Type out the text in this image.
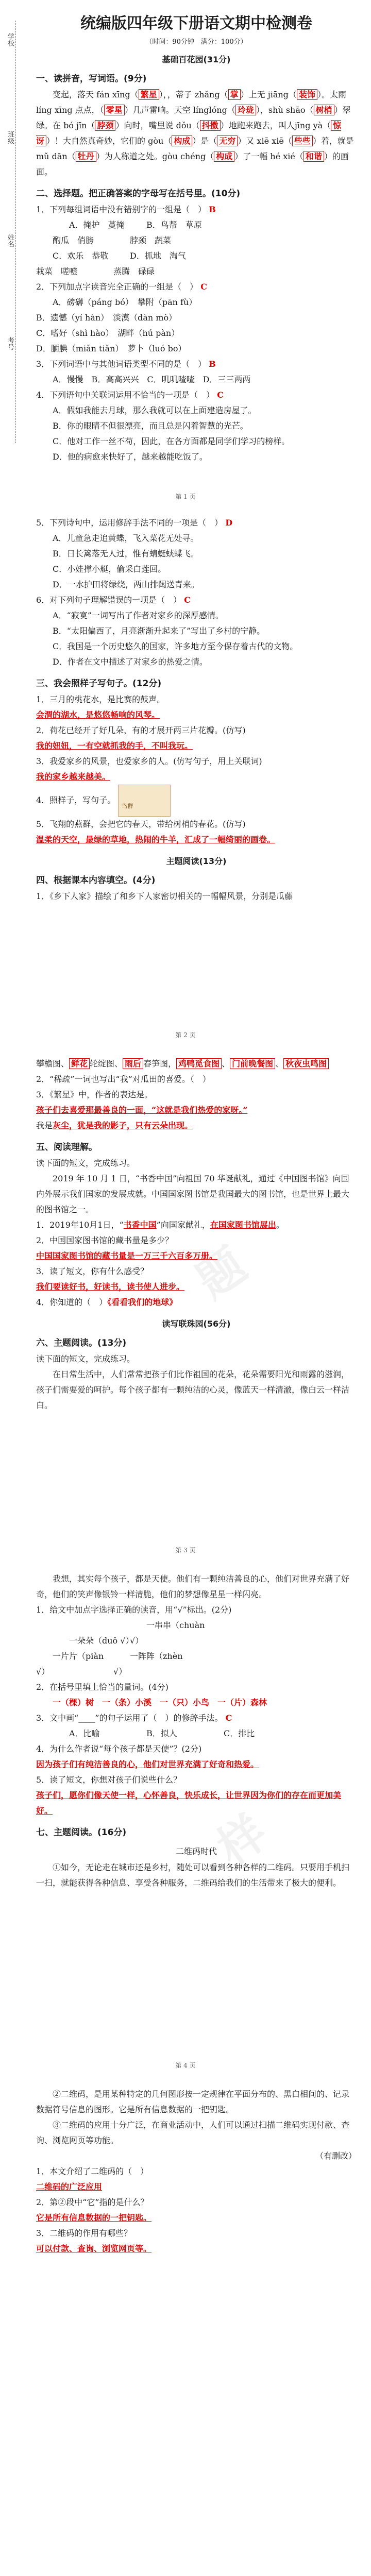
学校
班级
姓名
考号
统编版四年级下册语文期中检测卷
（时间：90分钟　满分：100分）
基础百花园(31分)
一、读拼音，写词语。(9分)

变起，落天 fán xīng（ 繁星 ），，蒂子 zhǎng（ 掌 ）上无 jiāng（ 装饰 ）。太雨 líng xīng 点点，（ 零星 ）几声雷响。天空 línglóng（ 玲珑 ），shù shāo（ 树梢 ）翠绿。在 bó jīn（ 脖颈 ）向时，嘴里说 dǒu（ 抖擞 ）地跑来跑去，叫人jīng yà（ 惊讶 ）！大自然真奇妙，它们的 gòu（ 构成 ）是（ 无穷 ）又 xiē xiē（ 些些 ）着，就是 mǔ dān（ 牡丹 ）为人称道之处。gòu chéng（ 构成 ）了一幅 hé xié（ 和谐 ）的画面。

二、选择题。把正确答案的字母写在括号里。(10分)

1．下列每组词语中没有错别字的一组是（　） B

A．掩护　蔓掩　酌瓜　俏膀B．鸟帮　草原　脖颈　蔬菜
C．欢乐　恭敬　栽菜　嗟嘘D．抓地　淘气　蒸腾　碌碌

2．下列加点字读音完全正确的一组是（　） C

A．磅礴（páng bó）　攀附（pān fù）
B．遗憾（yí hàn）　淡漠（dàn mò）
C．嗜好（shì hào）　湖畔（hú pàn）
D．腼腆（miǎn tiǎn）　萝卜（luó bo）

3．下列词语中与其他词语类型不同的是（　） B

A．慢慢　B．高高兴兴　 C．叽叽喳喳　D．三三两两

4．下列语句中关联词运用不恰当的一项是（　） C

A．假如我能去月球，那么我就可以在上面建造房屋了。

B．你的眼睛不但很漂亮，而且总是闪着智慧的光芒。

C．他对工作一丝不苟，因此，在各方面都是同学们学习的榜样。

D．他的病愈来快好了，越来越能吃饭了。

第 1 页

5．下列诗句中，运用修辞手法不同的一项是（　） D

A．儿童急走追黄蝶，飞入菜花无处寻。

B．日长篱落无人过，惟有蜻蜓蛱蝶飞。

C．小娃撑小艇，偷采白莲回。

D．一水护田将绿绕，两山排闼送青来。

6．对下列句子理解错误的一项是（　） C

A．“寂寞”一词写出了作者对家乡的深厚感情。

B．“太阳偏西了，月亮渐渐升起来了”写出了乡村的宁静。

C．我国是一个历史悠久的国家，许多地方至今保存着古代的文物。

D．作者在文中描述了对家乡的热爱之情。

三、我会照样子写句子。(12分)

1．三月的桃花水，是比赛的鼓声。

会渭的湖水，是悠悠畅响的风琴。

2．荷花已经开了好几朵，有的才展开两三片花瓣。(仿写)

我的妞妞，一有空就抓我的手，不叫我玩。

3．我爱家乡的风景，也爱家乡的人。(仿写句子，用上关联词)

我的家乡越来越美。

4．照样子，写句子。
鸟群

5．飞翔的燕群，会把它的春天，带给树梢的春花。(仿写)

温柔的天空，最绿的草地，热闹的牛羊，汇成了一幅绮丽的画卷。

主题阅读(13分)
四、根据课本内容填空。(4分)

1．《乡下人家》描绘了和乡下人家密切相关的一幅幅风景，分别是瓜藤

第 2 页

攀檐图、 鲜花 轮绽图、 雨后 春笋图， 鸡鸭觅食图 、 门前晚餐图 、 秋夜虫鸣图

2．“稀疏”一词也写出“我”对瓜田的喜爱。（　）

3．《繁星》中，作者的表达是。

孩子们去喜爱那最善良的一面，“这就是我们热爱的家呀。”

我是灰尘，犹是我的影子，只有云朵出现。

五、阅读理解。

读下面的短文，完成练习。

2019 年 10 月 1 日，“书香中国”向祖国 70 华诞献礼，通过《中国图书馆》向国内外展示我们国家的发展成就。中国国家图书馆是我国最大的图书馆，也是世界上最大的图书馆之一。

1．2019年10月1日，“书香中国”向国家献礼，在国家图书馆展出。

2．中国国家图书馆的藏书量是多少？

中国国家图书馆的藏书量是一万三千六百多万册。

3．读了短文，你有什么感受？

我们要读好书，好读书，读书使人进步。

4．你知道的（　）《看看我们的地球》

读写联珠园(56分)
六、主题阅读。(13分)

读下面的短文，完成练习。

在日常生活中，人们常常把孩子们比作祖国的花朵，花朵需要阳光和雨露的滋润，孩子们需要爱的呵护。每个孩子都有一颗纯洁的心灵，像蓝天一样清澈，像白云一样洁白。

第 3 页

我想，其实每个孩子，都是天使。他们有一颗纯洁善良的心，他们对世界充满了好奇，他们的笑声像银铃一样清脆，他们的梦想像星星一样闪亮。

1．给文中加点字选择正确的读音，用“√”标出。(2分)

一朵朵（duǒ √）一串串（chuàn √）
一片片（piàn √）一阵阵（zhèn √）

2．在括号里填上恰当的量词。(4分)

一（棵）树　一（条）小溪　一（只）小鸟　一（片）森林

3．文中画“____”的句子运用了（　）的修辞手法。 C

A．比喻	B．拟人	C．排比

4．为什么作者说“每个孩子都是天使”？(2分)

因为孩子们有纯洁善良的心，他们对世界充满了好奇和热爱。

5．读了短文，你想对孩子们说些什么？

孩子们，愿你们像天使一样，心怀善良，快乐成长，让世界因为你们的存在而更加美好。

七、主题阅读。(16分)
二维码时代

①如今，无论走在城市还是乡村，随处可以看到各种各样的二维码。只要用手机扫一扫，就能获得各种信息、享受各种服务，二维码给我们的生活带来了极大的便利。

第 4 页

②二维码，是用某种特定的几何图形按一定规律在平面分布的、黑白相间的、记录数据符号信息的图形。它是所有信息数据的一把钥匙。

③二维码的应用十分广泛，在商业活动中，人们可以通过扫描二维码实现付款、查询、浏览网页等功能。

（有删改）

1．本文介绍了二维码的（　）

二维码的广泛应用

2．第②段中“它”指的是什么？

它是所有信息数据的一把钥匙。

3．二维码的作用有哪些？

可以付款、查询、浏览网页等。

题
样
